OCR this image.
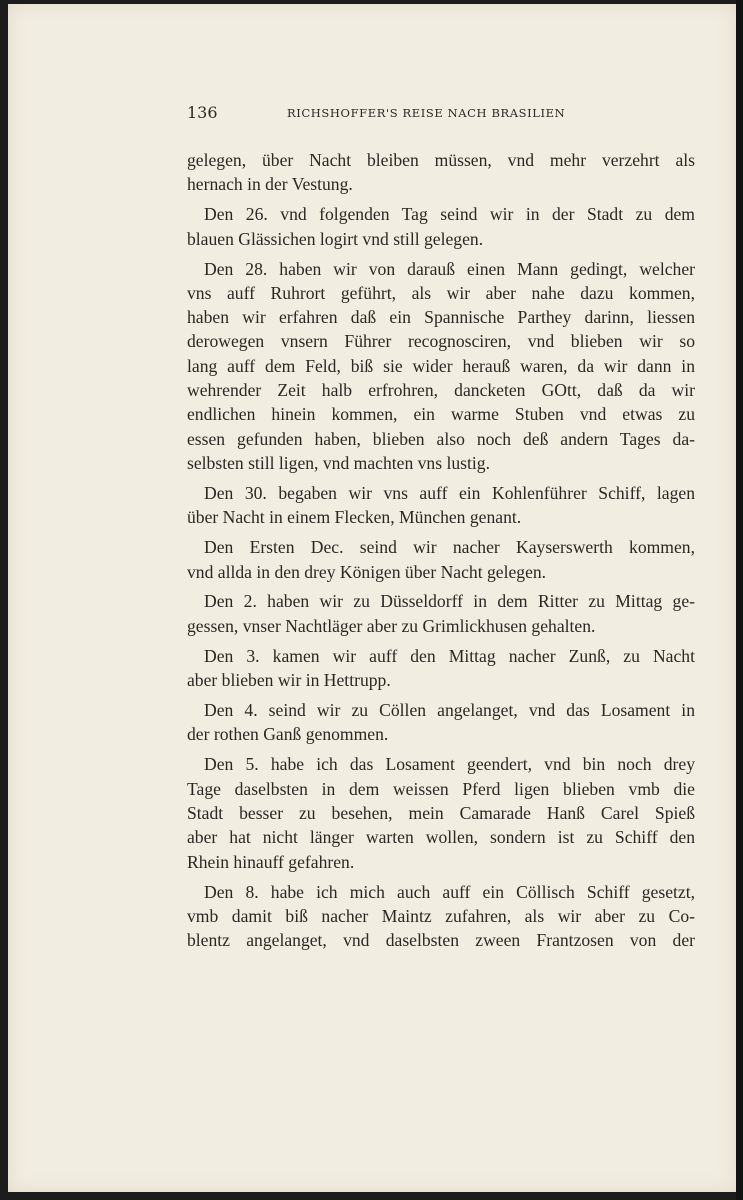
136	RICHSHOFFER'S REISE NACH BRASILIEN
gelegen, über Nacht bleiben müssen, vnd mehr verzehrt als
hernach in der Vestung.
Den 26. vnd folgenden Tag seind wir in der Stadt zu dem
blauen Glässichen logirt vnd still gelegen.
Den 28. haben wir von darauß einen Mann gedingt, welcher
vns auff Ruhrort geführt, als wir aber nahe dazu kommen,
haben wir erfahren daß ein Spannische Parthey darinn, liessen
derowegen vnsern Führer recognosciren, vnd blieben wir so
lang auff dem Feld, biß sie wider herauß waren, da wir dann in
wehrender Zeit halb erfrohren, dancketen GOtt, daß da wir
endlichen hinein kommen, ein warme Stuben vnd etwas zu
essen gefunden haben, blieben also noch deß andern Tages da-
selbsten still ligen, vnd machten vns lustig.
Den 30. begaben wir vns auff ein Kohlenführer Schiff, lagen
über Nacht in einem Flecken, München genant.
Den Ersten Dec. seind wir nacher Kayserswerth kommen,
vnd allda in den drey Königen über Nacht gelegen.
Den 2. haben wir zu Düsseldorff in dem Ritter zu Mittag ge-
gessen, vnser Nachtläger aber zu Grimlickhusen gehalten.
Den 3. kamen wir auff den Mittag nacher Zunß, zu Nacht
aber blieben wir in Hettrupp.
Den 4. seind wir zu Cöllen angelanget, vnd das Losament in
der rothen Ganß genommen.
Den 5. habe ich das Losament geendert, vnd bin noch drey
Tage daselbsten in dem weissen Pferd ligen blieben vmb die
Stadt besser zu besehen, mein Camarade Hanß Carel Spieß
aber hat nicht länger warten wollen, sondern ist zu Schiff den
Rhein hinauff gefahren.
Den 8. habe ich mich auch auff ein Cöllisch Schiff gesetzt,
vmb damit biß nacher Maintz zufahren, als wir aber zu Co-
blentz angelanget, vnd daselbsten zween Frantzosen von der
